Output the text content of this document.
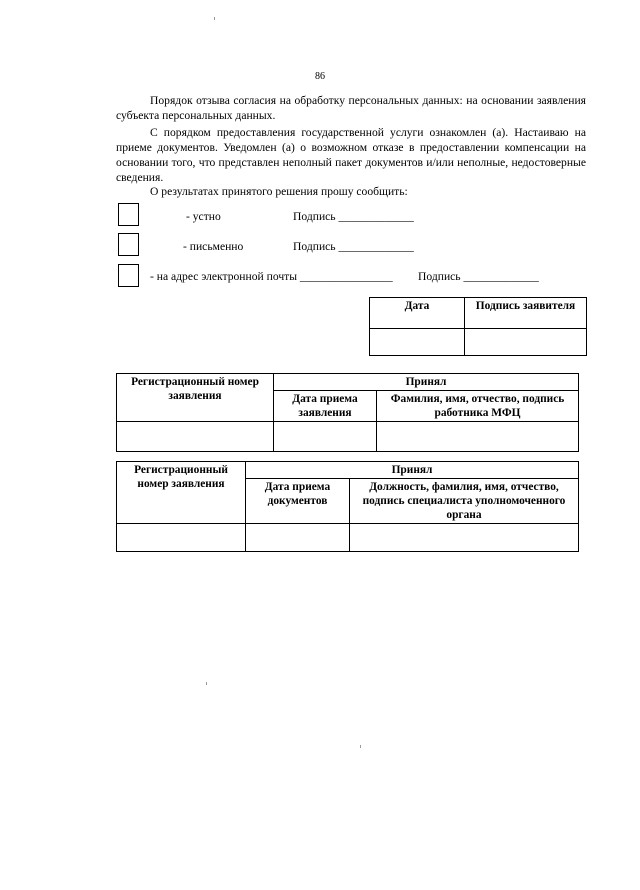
86
Порядок отзыва согласия на обработку персональных данных: на основании заявления субъекта персональных данных.
С порядком предоставления государственной услуги ознакомлен (а). Настаиваю на приеме документов. Уведомлен (а) о возможном отказе в предоставлении компенсации на основании того, что представлен неполный пакет документов и/или неполные, недостоверные сведения.
О результатах принятого решения прошу сообщить:
- устно	Подпись _____________
- письменно	Подпись _____________
- на адрес электронной почты ________________ Подпись _____________
Дата	Подпись заявителя

Регистрационный номер заявления	Принял	
	Дата приема заявления	Фамилия, имя, отчество, подпись работника МФЦ

Регистрационный номер заявления	Принял	
	Дата приема документов	Должность, фамилия, имя, отчество, подпись специалиста уполномоченного органа
